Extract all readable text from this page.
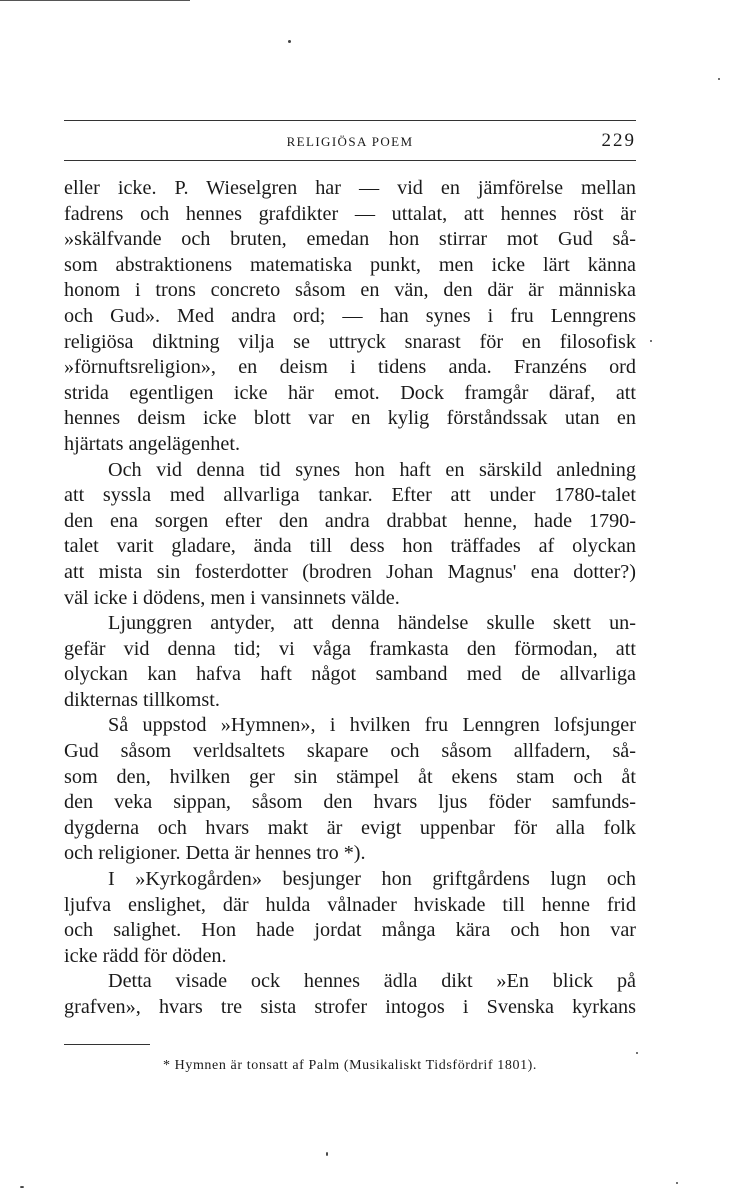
RELIGIÖSA POEM	229
eller icke. P. Wieselgren har — vid en jämförelse mellan
fadrens och hennes grafdikter — uttalat, att hennes röst är
»skälfvande och bruten, emedan hon stirrar mot Gud så-
som abstraktionens matematiska punkt, men icke lärt känna
honom i trons concreto såsom en vän, den där är människa
och Gud». Med andra ord; — han synes i fru Lenngrens
religiösa diktning vilja se uttryck snarast för en filosofisk
»förnuftsreligion», en deism i tidens anda. Franzéns ord
strida egentligen icke här emot. Dock framgår däraf, att
hennes deism icke blott var en kylig förståndssak utan en
hjärtats angelägenhet.
Och vid denna tid synes hon haft en särskild anledning
att syssla med allvarliga tankar. Efter att under 1780-talet
den ena sorgen efter den andra drabbat henne, hade 1790-
talet varit gladare, ända till dess hon träffades af olyckan
att mista sin fosterdotter (brodren Johan Magnus' ena dotter?)
väl icke i dödens, men i vansinnets välde.
Ljunggren antyder, att denna händelse skulle skett un-
gefär vid denna tid; vi våga framkasta den förmodan, att
olyckan kan hafva haft något samband med de allvarliga
dikternas tillkomst.
Så uppstod »Hymnen», i hvilken fru Lenngren lofsjunger
Gud såsom verldsaltets skapare och såsom allfadern, så-
som den, hvilken ger sin stämpel åt ekens stam och åt
den veka sippan, såsom den hvars ljus föder samfunds-
dygderna och hvars makt är evigt uppenbar för alla folk
och religioner. Detta är hennes tro *).
I »Kyrkogården» besjunger hon griftgårdens lugn och
ljufva enslighet, där hulda vålnader hviskade till henne frid
och salighet. Hon hade jordat många kära och hon var
icke rädd för döden.
Detta visade ock hennes ädla dikt »En blick på
grafven», hvars tre sista strofer intogos i Svenska kyrkans
* Hymnen är tonsatt af Palm (Musikaliskt Tidsfördrif 1801).
